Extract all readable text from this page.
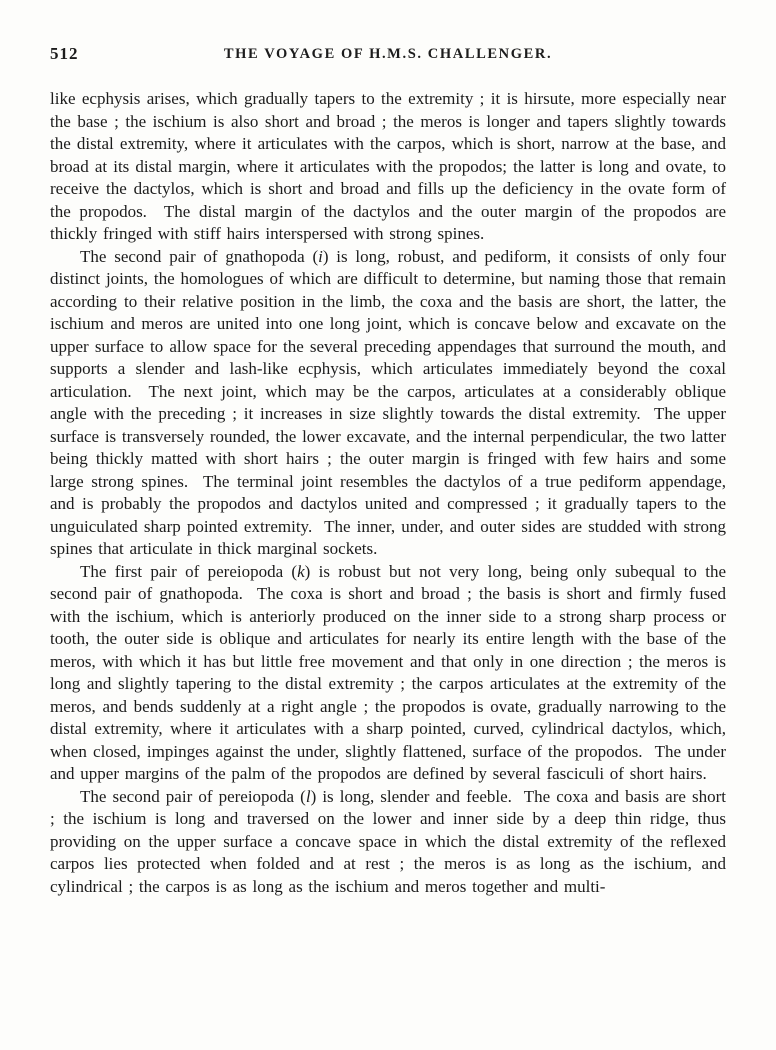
512	THE VOYAGE OF H.M.S. CHALLENGER.

like ecphysis arises, which gradually tapers to the extremity ; it is hirsute, more especially near the base ; the ischium is also short and broad ; the meros is longer and tapers slightly towards the distal extremity, where it articulates with the carpos, which is short, narrow at the base, and broad at its distal margin, where it articulates with the propodos; the latter is long and ovate, to receive the dactylos, which is short and broad and fills up the deficiency in the ovate form of the propodos.  The distal margin of the dactylos and the outer margin of the propodos are thickly fringed with stiff hairs interspersed with strong spines.

The second pair of gnathopoda (i) is long, robust, and pediform, it consists of only four distinct joints, the homologues of which are difficult to determine, but naming those that remain according to their relative position in the limb, the coxa and the basis are short, the latter, the ischium and meros are united into one long joint, which is concave below and excavate on the upper surface to allow space for the several preceding appendages that surround the mouth, and supports a slender and lash-like ecphysis, which articulates immediately beyond the coxal articulation.  The next joint, which may be the carpos, articulates at a considerably oblique angle with the preceding ; it increases in size slightly towards the distal extremity.  The upper surface is transversely rounded, the lower excavate, and the internal perpendicular, the two latter being thickly matted with short hairs ; the outer margin is fringed with few hairs and some large strong spines.  The terminal joint resembles the dactylos of a true pediform appendage, and is probably the propodos and dactylos united and compressed ; it gradually tapers to the unguiculated sharp pointed extremity.  The inner, under, and outer sides are studded with strong spines that articulate in thick marginal sockets.

The first pair of pereiopoda (k) is robust but not very long, being only subequal to the second pair of gnathopoda.  The coxa is short and broad ; the basis is short and firmly fused with the ischium, which is anteriorly produced on the inner side to a strong sharp process or tooth, the outer side is oblique and articulates for nearly its entire length with the base of the meros, with which it has but little free movement and that only in one direction ; the meros is long and slightly tapering to the distal extremity ; the carpos articulates at the extremity of the meros, and bends suddenly at a right angle ; the propodos is ovate, gradually narrowing to the distal extremity, where it articulates with a sharp pointed, curved, cylindrical dactylos, which, when closed, impinges against the under, slightly flattened, surface of the propodos.  The under and upper margins of the palm of the propodos are defined by several fasciculi of short hairs.

The second pair of pereiopoda (l) is long, slender and feeble.  The coxa and basis are short ; the ischium is long and traversed on the lower and inner side by a deep thin ridge, thus providing on the upper surface a concave space in which the distal extremity of the reflexed carpos lies protected when folded and at rest ; the meros is as long as the ischium, and cylindrical ; the carpos is as long as the ischium and meros together and multi-
